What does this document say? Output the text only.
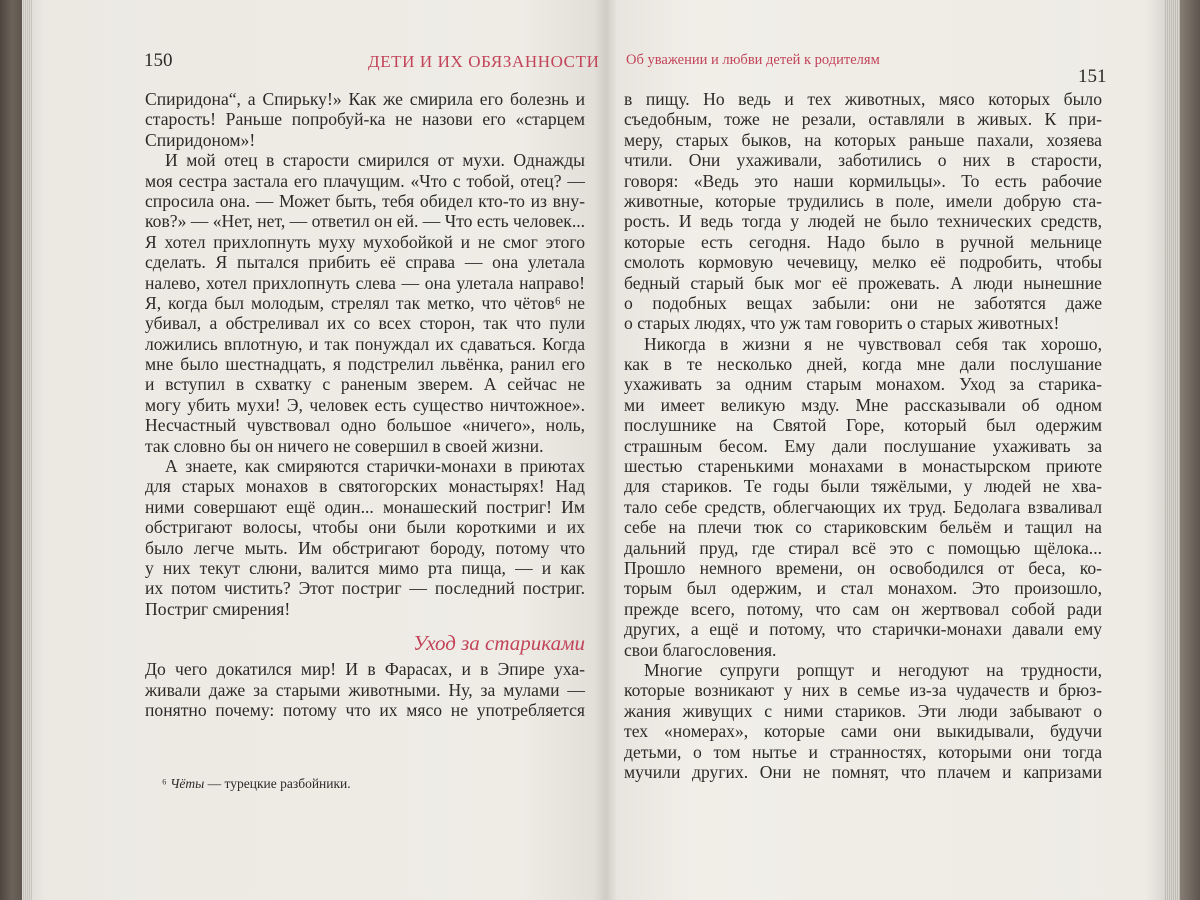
150	ДЕТИ И ИХ ОБЯЗАННОСТИ
Спиридона“, а Спирьку!» Как же смирила его болезнь и
старость! Раньше попробуй-ка не назови его «старцем
Спиридоном»!
И мой отец в старости смирился от мухи. Однажды
моя сестра застала его плачущим. «Что с тобой, отец? —
спросила она. — Может быть, тебя обидел кто-то из вну-
ков?» — «Нет, нет, — ответил он ей. — Что есть человек...
Я хотел прихлопнуть муху мухобойкой и не смог этого
сделать. Я пытался прибить её справа — она улетала
налево, хотел прихлопнуть слева — она улетала направо!
Я, когда был молодым, стрелял так метко, что чётов⁶ не
убивал, а обстреливал их со всех сторон, так что пули
ложились вплотную, и так понуждал их сдаваться. Когда
мне было шестнадцать, я подстрелил львёнка, ранил его
и вступил в схватку с раненым зверем. А сейчас не
могу убить мухи! Э, человек есть существо ничтожное».
Несчастный чувствовал одно большое «ничего», ноль,
так словно бы он ничего не совершил в своей жизни.
А знаете, как смиряются старички-монахи в приютах
для старых монахов в святогорских монастырях! Над
ними совершают ещё один... монашеский постриг! Им
обстригают волосы, чтобы они были короткими и их
было легче мыть. Им обстригают бороду, потому что
у них текут слюни, валится мимо рта пища, — и как
их потом чистить? Этот постриг — последний постриг.
Постриг смирения!
Уход за стариками
До чего докатился мир! И в Фарасах, и в Эпире уха-
живали даже за старыми животными. Ну, за мулами —
понятно почему: потому что их мясо не употребляется
⁶ Чёты — турецкие разбойники.
Об уважении и любви детей к родителям
151
в пищу. Но ведь и тех животных, мясо которых было
съедобным, тоже не резали, оставляли в живых. К при-
меру, старых быков, на которых раньше пахали, хозяева
чтили. Они ухаживали, заботились о них в старости,
говоря: «Ведь это наши кормильцы». То есть рабочие
животные, которые трудились в поле, имели добрую ста-
рость. И ведь тогда у людей не было технических средств,
которые есть сегодня. Надо было в ручной мельнице
смолоть кормовую чечевицу, мелко её подробить, чтобы
бедный старый бык мог её прожевать. А люди нынешние
о подобных вещах забыли: они не заботятся даже
о старых людях, что уж там говорить о старых животных!
Никогда в жизни я не чувствовал себя так хорошо,
как в те несколько дней, когда мне дали послушание
ухаживать за одним старым монахом. Уход за старика-
ми имеет великую мзду. Мне рассказывали об одном
послушнике на Святой Горе, который был одержим
страшным бесом. Ему дали послушание ухаживать за
шестью старенькими монахами в монастырском приюте
для стариков. Те годы были тяжёлыми, у людей не хва-
тало себе средств, облегчающих их труд. Бедолага взваливал
себе на плечи тюк со стариковским бельём и тащил на
дальний пруд, где стирал всё это с помощью щёлока...
Прошло немного времени, он освободился от беса, ко-
торым был одержим, и стал монахом. Это произошло,
прежде всего, потому, что сам он жертвовал собой ради
других, а ещё и потому, что старички-монахи давали ему
свои благословения.
Многие супруги ропщут и негодуют на трудности,
которые возникают у них в семье из-за чудачеств и брюз-
жания живущих с ними стариков. Эти люди забывают о
тех «номерах», которые сами они выкидывали, будучи
детьми, о том нытье и странностях, которыми они тогда
мучили других. Они не помнят, что плачем и капризами
